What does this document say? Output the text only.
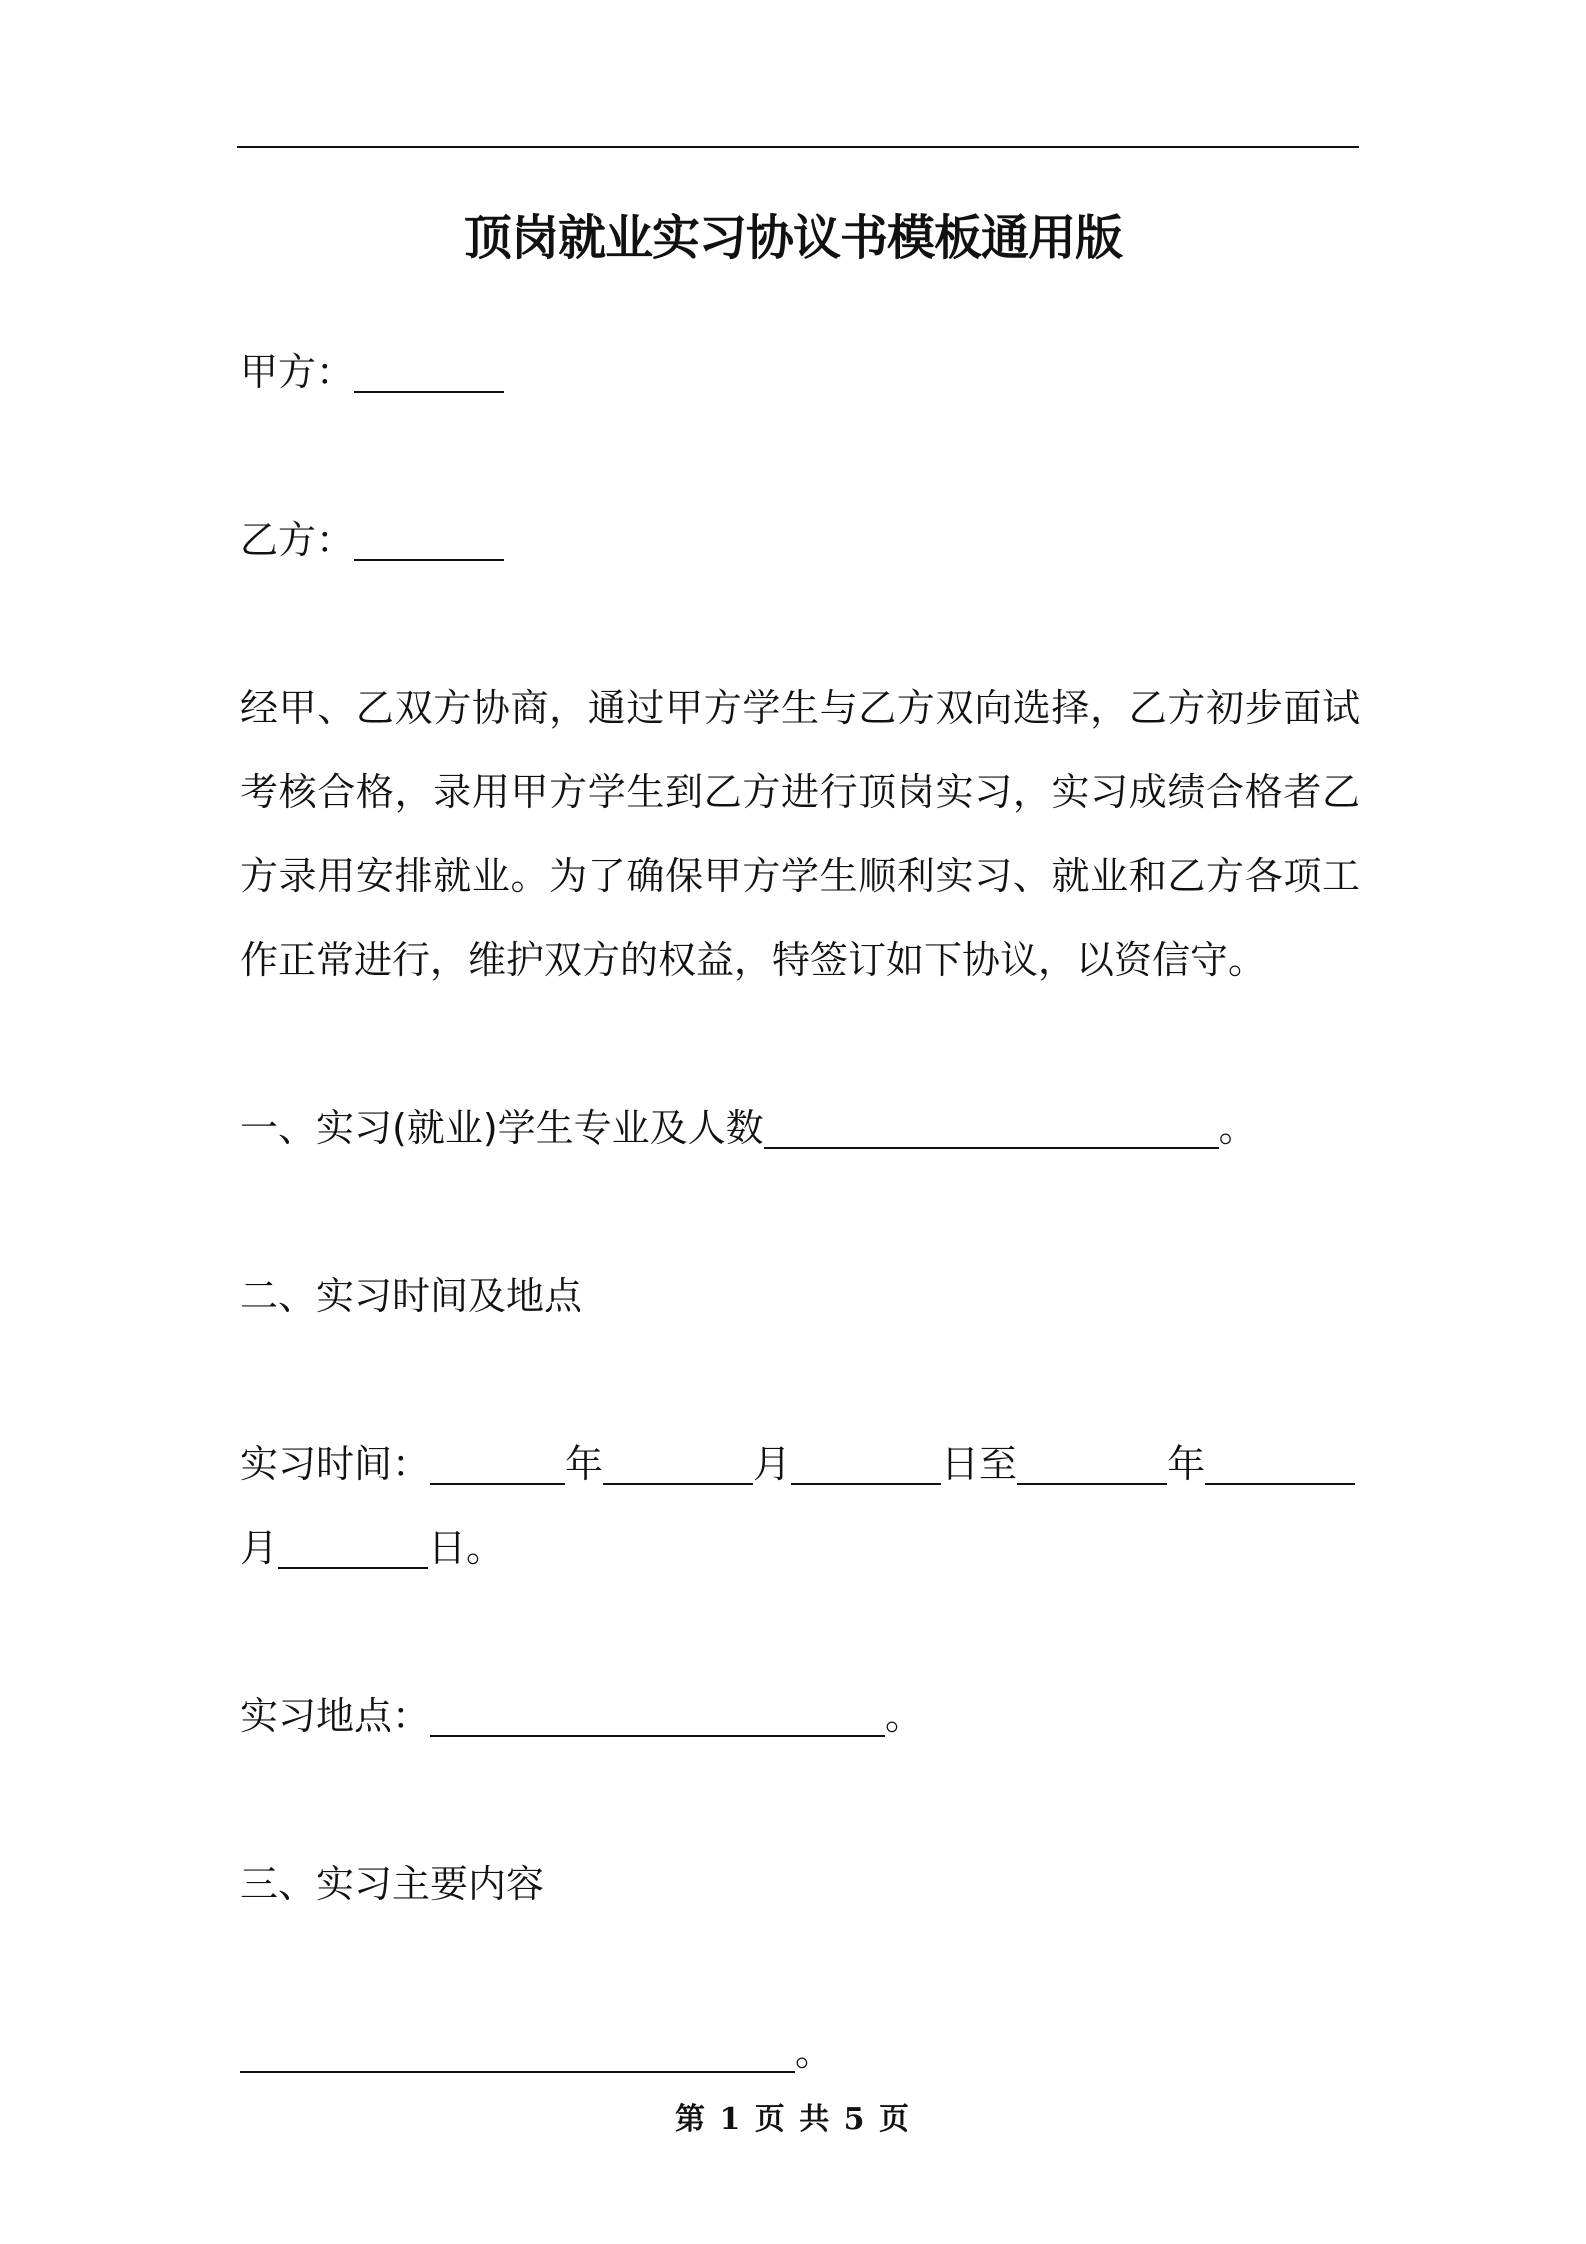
顶岗就业实习协议书模板通用版
甲方：
乙方：
经甲、乙双方协商，通过甲方学生与乙方双向选择，乙方初步面试考核合格，录用甲方学生到乙方进行顶岗实习，实习成绩合格者乙方录用安排就业。为了确保甲方学生顺利实习、就业和乙方各项工作正常进行，维护双方的权益，特签订如下协议，以资信守。
一、实习(就业)学生专业及人数	。
二、实习时间及地点
实习时间：	年	月	日至	年
月	日。
实习地点：	。
三、实习主要内容
。
第 1 页 共 5 页
